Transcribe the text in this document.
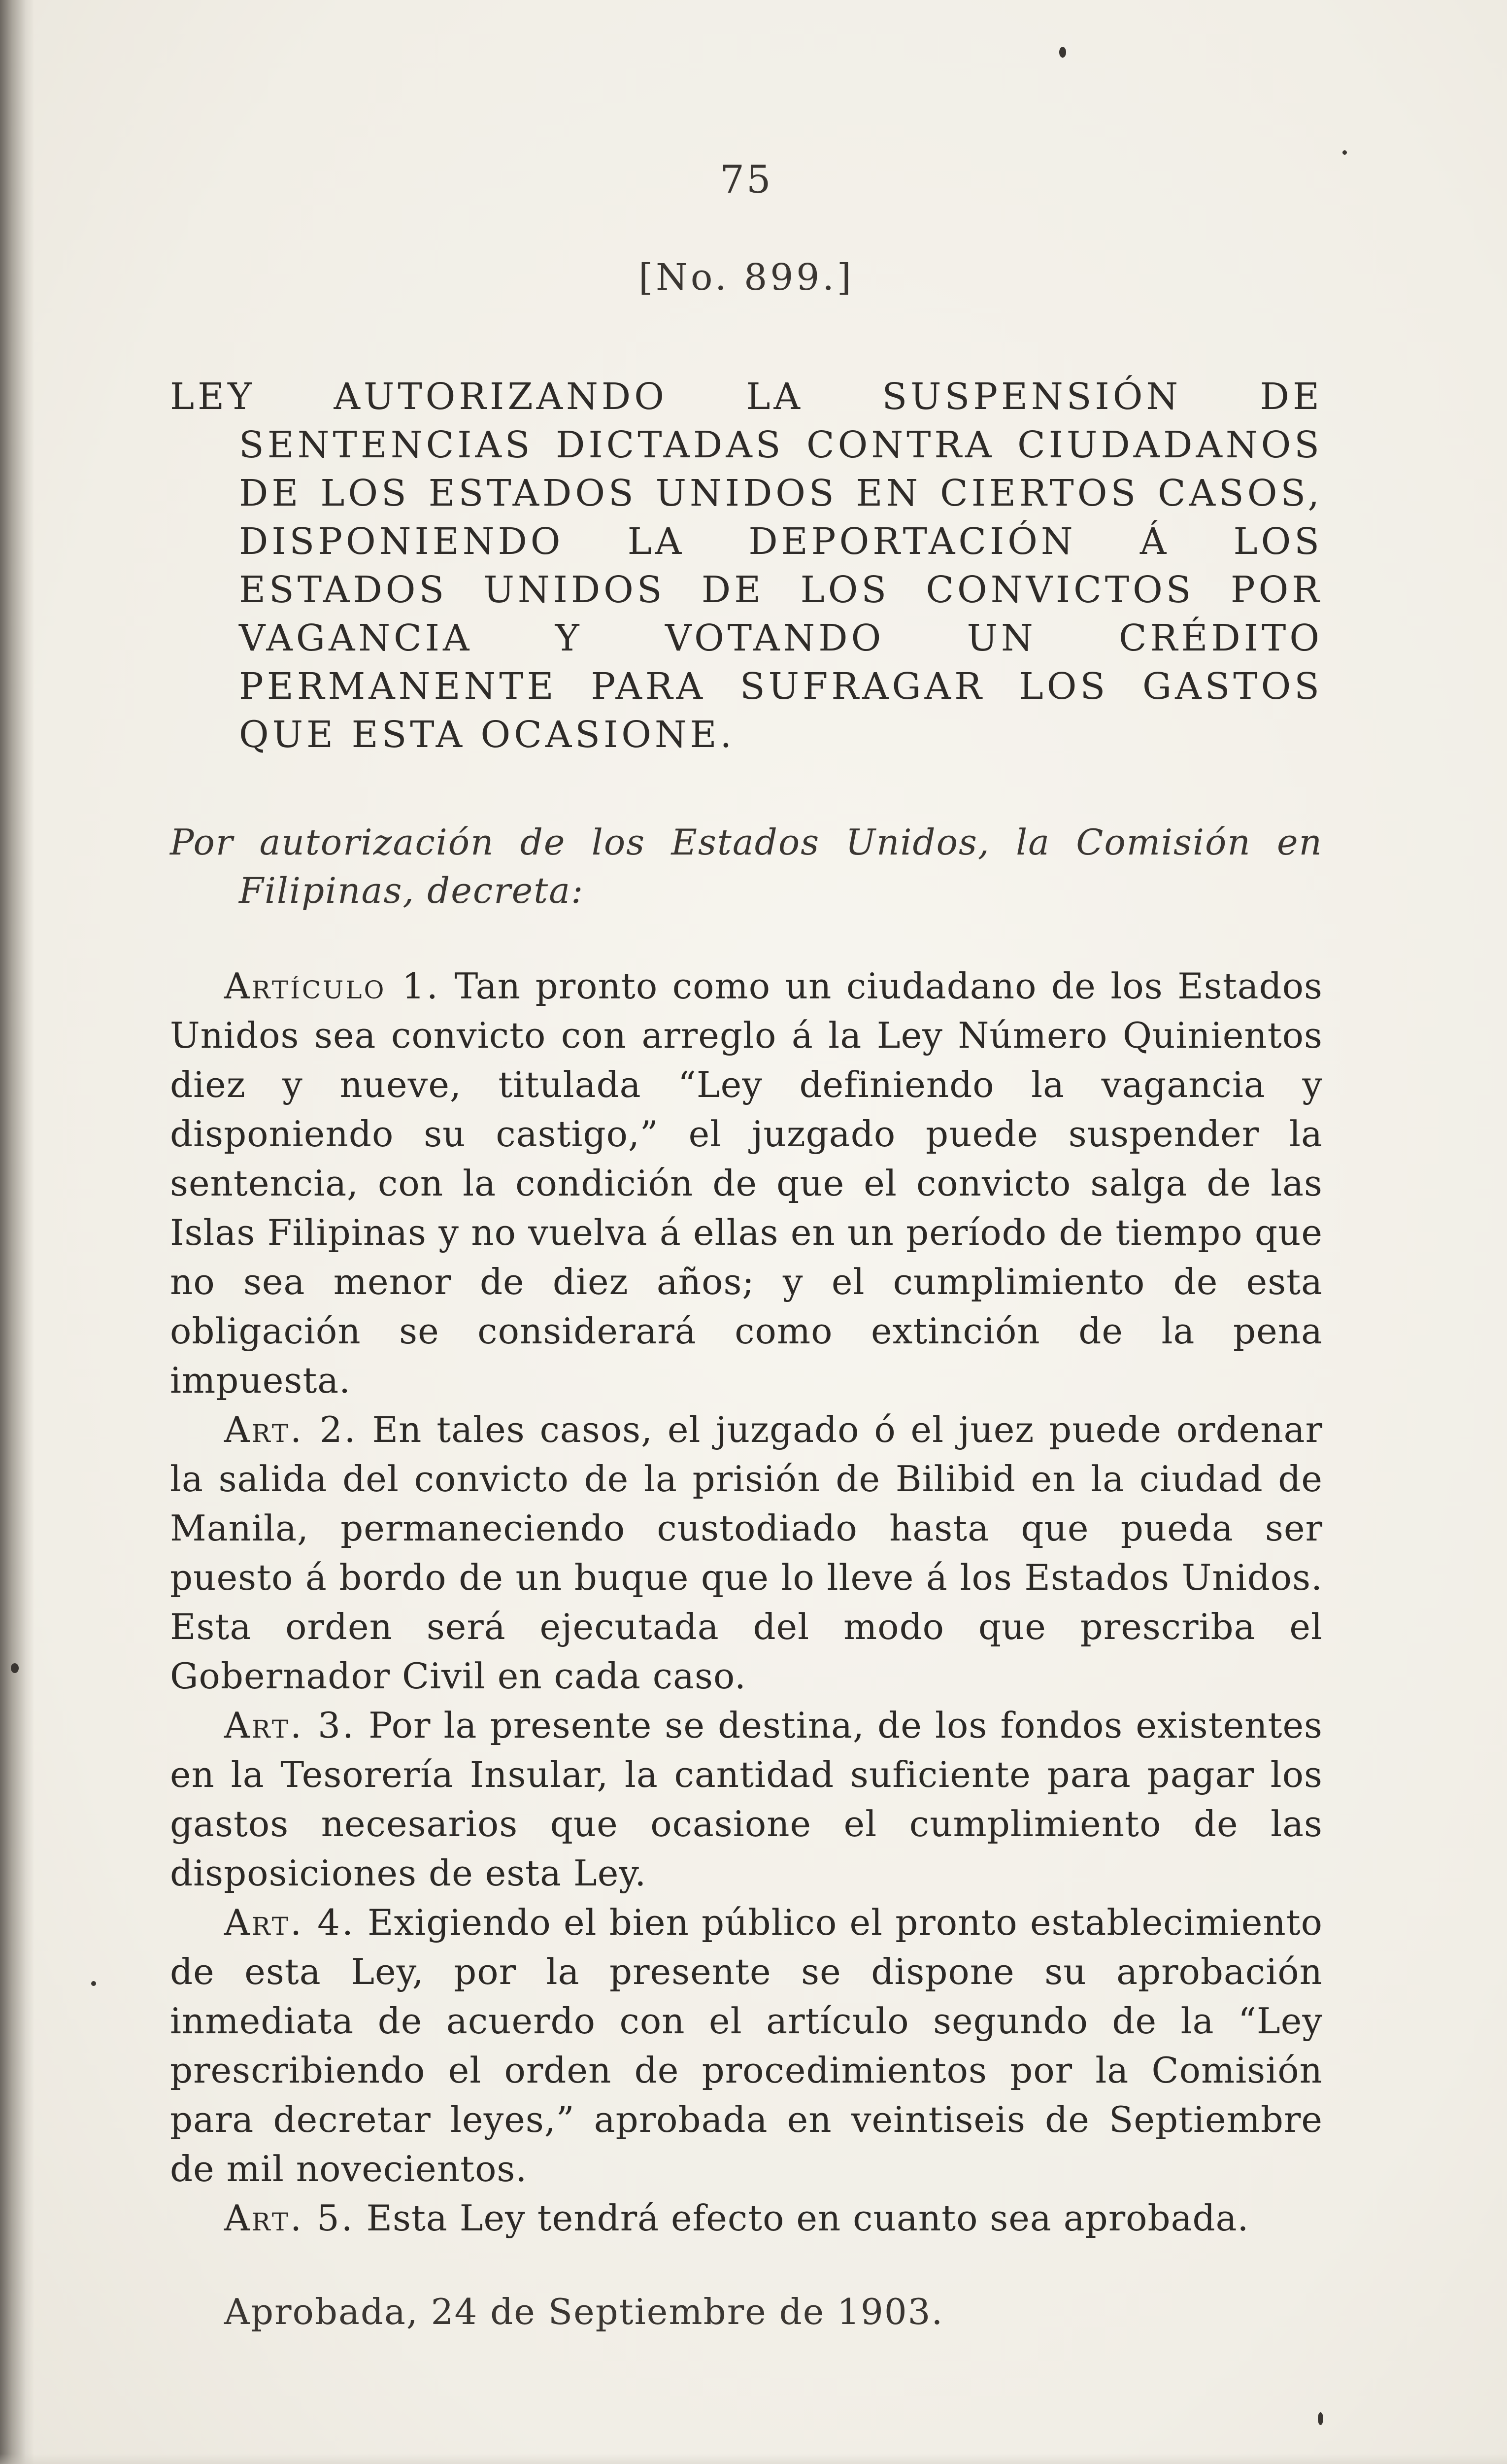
75
[No. 899.]
LEY AUTORIZANDO LA SUSPENSIÓN DE SENTENCIAS DICTADAS CONTRA CIUDADANOS DE LOS ESTADOS UNIDOS EN CIERTOS CASOS, DISPONIENDO LA DEPORTACIÓN Á LOS ESTADOS UNIDOS DE LOS CONVICTOS POR VAGANCIA Y VOTANDO UN CRÉDITO PERMANENTE PARA SUFRAGAR LOS GASTOS QUE ESTA OCASIONE.
Por autorización de los Estados Unidos, la Comisión en Filipinas, decreta:

Artículo 1. Tan pronto como un ciudadano de los Estados Unidos sea convicto con arreglo á la Ley Número Quinientos diez y nueve, titulada “Ley definiendo la vagancia y disponiendo su castigo,” el juzgado puede suspender la sentencia, con la condición de que el convicto salga de las Islas Filipinas y no vuelva á ellas en un período de tiempo que no sea menor de diez años; y el cumplimiento de esta obligación se considerará como extinción de la pena impuesta.

Art. 2. En tales casos, el juzgado ó el juez puede ordenar la salida del convicto de la prisión de Bilibid en la ciudad de Manila, permaneciendo custodiado hasta que pueda ser puesto á bordo de un buque que lo lleve á los Estados Unidos. Esta orden será ejecutada del modo que prescriba el Gobernador Civil en cada caso.

Art. 3. Por la presente se destina, de los fondos existentes en la Tesorería Insular, la cantidad suficiente para pagar los gastos necesarios que ocasione el cumplimiento de las disposiciones de esta Ley.

Art. 4. Exigiendo el bien público el pronto establecimiento de esta Ley, por la presente se dispone su aprobación inmediata de acuerdo con el artículo segundo de la “Ley prescribiendo el orden de procedimientos por la Comisión para decretar leyes,” aprobada en veintiseis de Septiembre de mil novecientos.

Art. 5. Esta Ley tendrá efecto en cuanto sea aprobada.

Aprobada, 24 de Septiembre de 1903.
